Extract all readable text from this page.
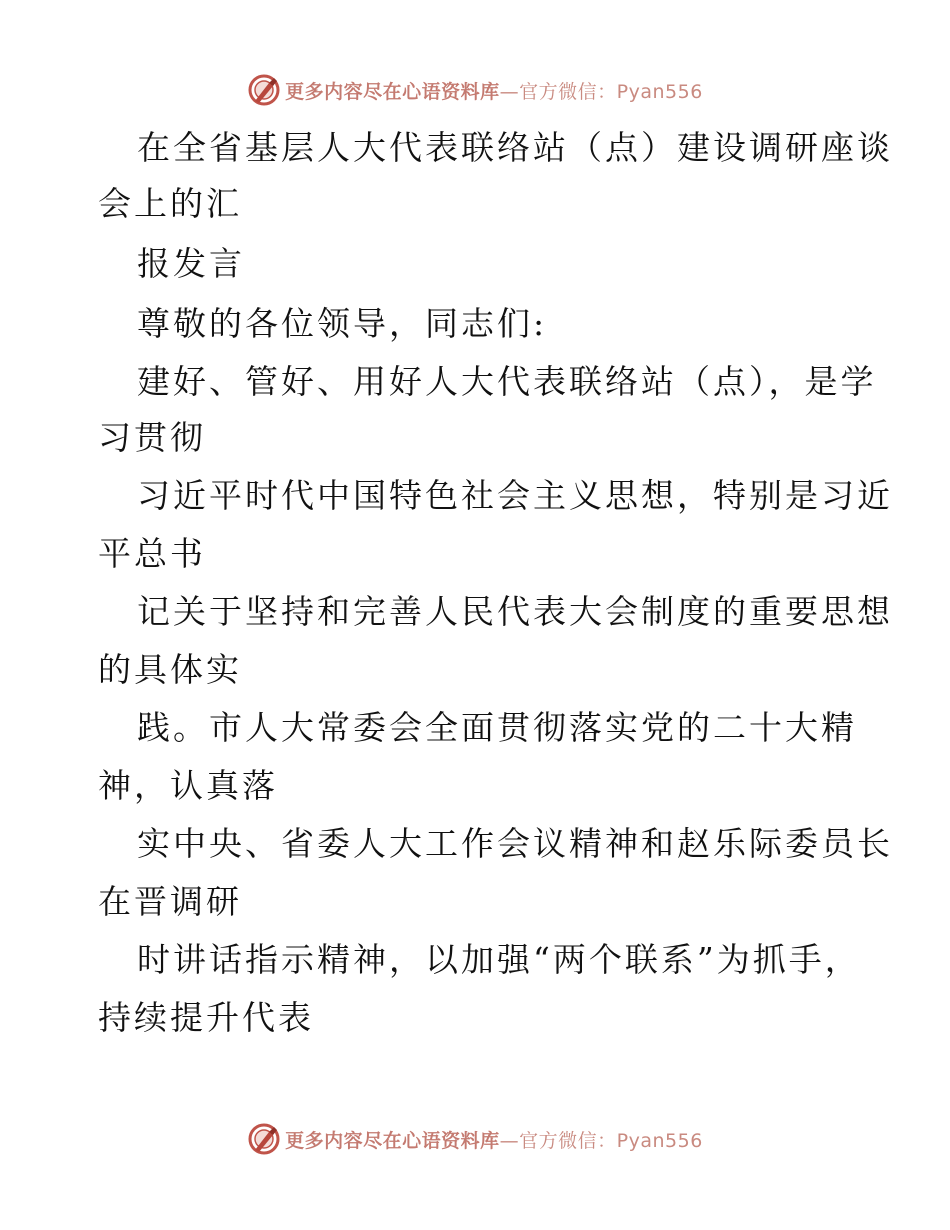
更多内容尽在心语资料库—官方微信：Pyan556
在全省基层人大代表联络站（点）建设调研座谈
会上的汇
报发言
尊敬的各位领导，同志们:
建好、管好、用好人大代表联络站（点），是学
习贯彻
习近平时代中国特色社会主义思想，特别是习近
平总书
记关于坚持和完善人民代表大会制度的重要思想
的具体实
践。市人大常委会全面贯彻落实党的二十大精
神，认真落
实中央、省委人大工作会议精神和赵乐际委员长
在晋调研
时讲话指示精神，以加强“两个联系”为抓手，
持续提升代表
更多内容尽在心语资料库—官方微信：Pyan556
